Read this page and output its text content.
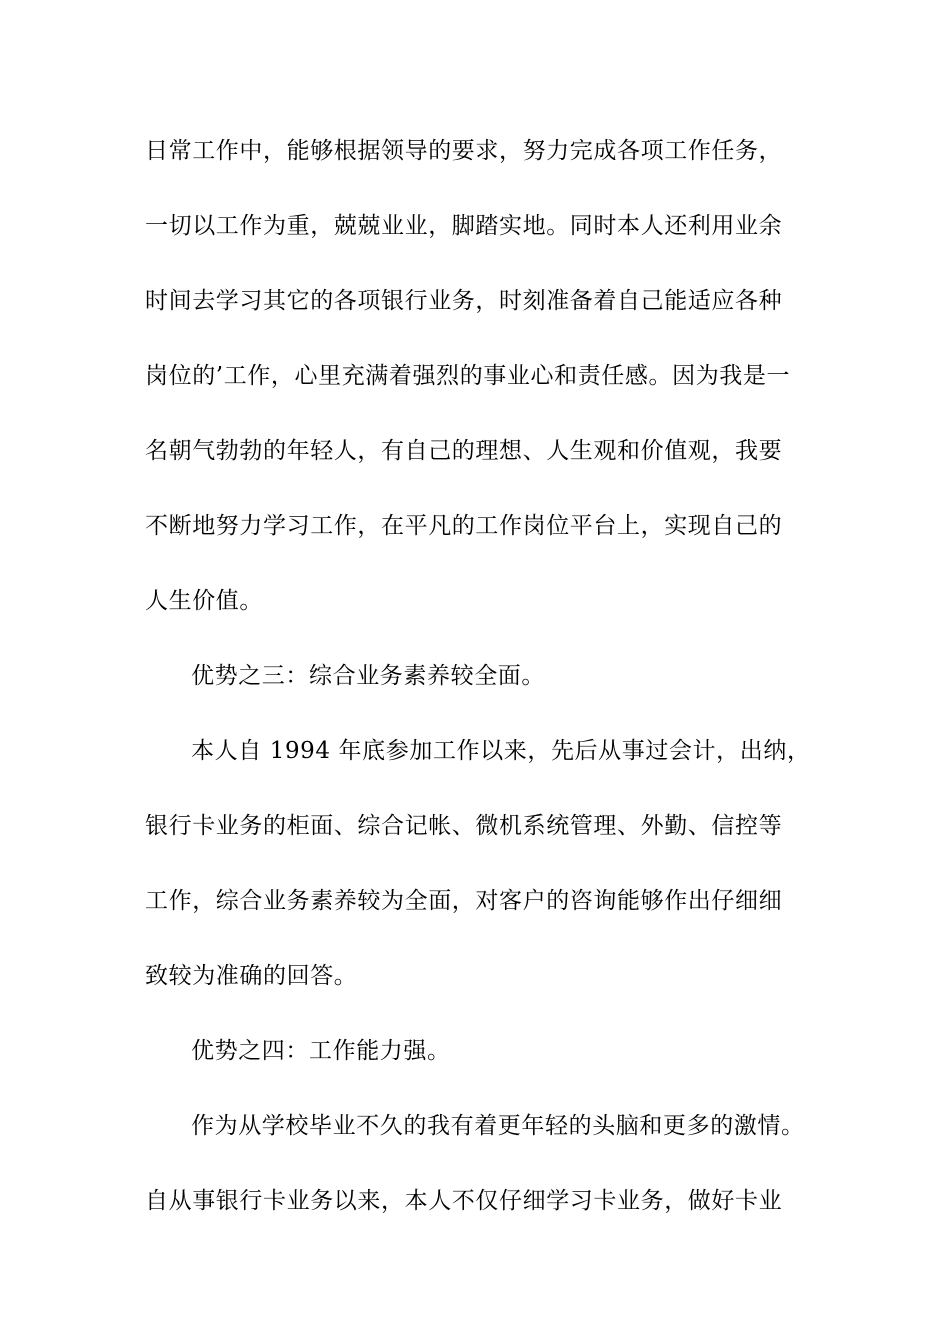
日常工作中，能够根据领导的要求，努力完成各项工作任务，
一切以工作为重，兢兢业业，脚踏实地。同时本人还利用业余
时间去学习其它的各项银行业务，时刻准备着自己能适应各种
岗位的’工作，心里充满着强烈的事业心和责任感。因为我是一
名朝气勃勃的年轻人，有自己的理想、人生观和价值观，我要
不断地努力学习工作，在平凡的工作岗位平台上，实现自己的
人生价值。
优势之三：综合业务素养较全面。
本人自 1994 年底参加工作以来，先后从事过会计，出纳，
银行卡业务的柜面、综合记帐、微机系统管理、外勤、信控等
工作，综合业务素养较为全面，对客户的咨询能够作出仔细细
致较为准确的回答。
优势之四：工作能力强。
作为从学校毕业不久的我有着更年轻的头脑和更多的激情。
自从事银行卡业务以来，本人不仅仔细学习卡业务，做好卡业
